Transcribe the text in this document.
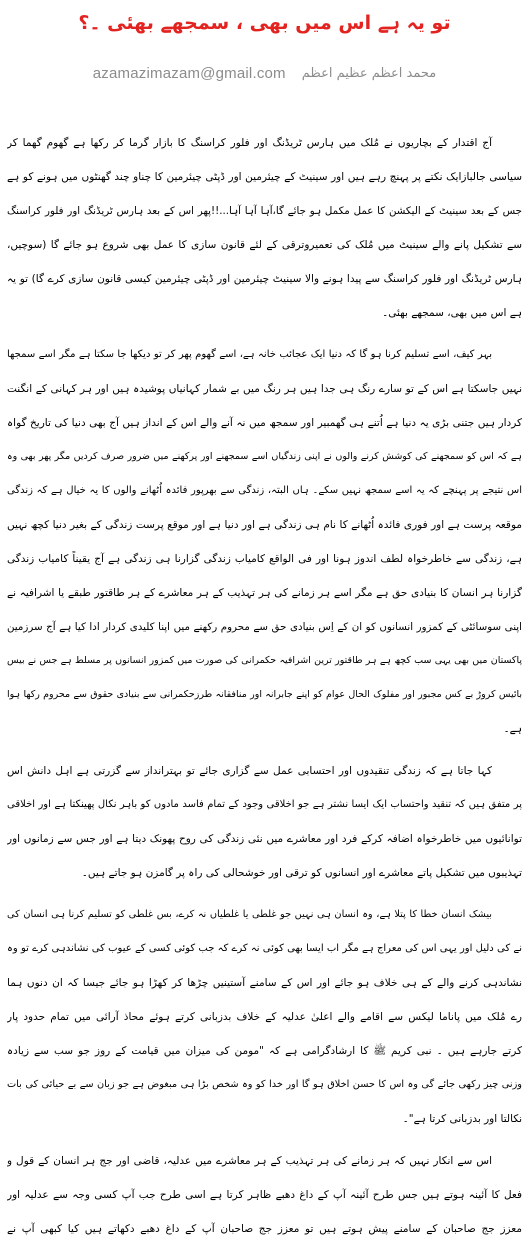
تو یہ ہے اس میں بھی ، سمجھے بھئی ۔؟
azamazimazam@gmail.com محمد اعظم عظیم اعظم
آج اقتدار کے بچاریوں نے مُلک میں ہارس ٹریڈنگ اور فلور کراسنگ کا بازار گرما کر رکھا ہے گھوم گھما کر
سیاسی جالبازایک نکتے پر پہنچ رہے ہیں اور سینیٹ کے چیئرمین اور ڈپٹی چیئرمین کا چناو چند گھنٹوں میں ہونے کو ہے
جس کے بعد سینیٹ کے الیکشن کا عمل مکمل ہو جائے گا،آہا آہا آہا...!!پھر اس کے بعد ہارس ٹریڈنگ اور فلور کراسنگ
سے تشکیل پانے والے سینیٹ میں مُلک کی تعمیروترقی کے لئے قانون سازی کا عمل بھی شروع ہو جائے گا (سوچیں،
ہارس ٹریڈنگ اور فلور کراسنگ سے پیدا ہونے والا سینیٹ چیئرمین اور ڈپٹی چیئرمین کیسی قانون سازی کرے گا) تو یہ
ہے اس میں بھی، سمجھے بھئی۔
بہر کیف، اسے تسلیم کرنا ہو گا کہ دنیا ایک عجائب خانہ ہے، اسے گھوم پھر کر تو دیکھا جا سکتا ہے مگر اسے سمجھا
نہیں جاسکتا ہے اس کے تو سارے رنگ ہی جدا ہیں ہر رنگ میں بے شمار کہانیاں پوشیدہ ہیں اور ہر کہانی کے انگنت
کردار ہیں جتنی بڑی یہ دنیا ہے اُتنے ہی گھمبیر اور سمجھ میں نہ آنے والے اس کے انداز ہیں آج بھی دنیا کی تاریخ گواہ
ہے کہ اس کو سمجھنے کی کوشش کرنے والوں نے اپنی زندگیاں اسے سمجھنے اور پرکھنے میں ضرور صرف کردیں مگر پھر بھی وہ
اس نتیجے پر پہنچے کہ یہ اسے سمجھ نہیں سکے۔ ہاں البتہ، زندگی سے بھرپور فائدہ اُٹھانے والوں کا یہ خیال ہے کہ زندگی
موقعہ پرست ہے اور فوری فائدہ اُٹھانے کا نام ہی زندگی ہے اور دنیا ہے اور موقع پرست زندگی کے بغیر دنیا کچھ نہیں
ہے، زندگی سے خاطرخواہ لطف اندوز ہونا اور فی الواقع کامیاب زندگی گزارنا ہی زندگی ہے آج یقیناً کامیاب زندگی
گزارنا ہر انسان کا بنیادی حق ہے مگر اسے ہر زمانے کی ہر تہذیب کے ہر معاشرے کے ہر طاقتور طبقے یا اشرافیہ نے
اپنی سوسائٹی کے کمزور انسانوں کو ان کے اِس بنیادی حق سے محروم رکھنے میں اپنا کلیدی کردار ادا کیا ہے آج سرزمین
پاکستان میں بھی یہی سب کچھ ہے ہر طاقتور ترین اشرافیہ حکمرانی کی صورت میں کمزور انسانوں پر مسلط ہے جس نے بیس
بائیس کروڑ بے کس مجبور اور مفلوک الحال عوام کو اپنے جابرانہ اور منافقانہ طرزحکمرانی سے بنیادی حقوق سے محروم رکھا ہوا
ہے۔
کہا جاتا ہے کہ زندگی تنقیدوں اور احتسابی عمل سے گزاری جائے تو بہترانداز سے گزرتی ہے اہل دانش اس
پر متفق ہیں کہ تنقید واحتساب ایک ایسا نشتر ہے جو اخلاقی وجود کے تمام فاسد مادوں کو باہر نکال پھینکتا ہے اور اخلاقی
توانائیوں میں خاطرخواہ اضافہ کرکے فرد اور معاشرے میں نئی زندگی کی روح پھونک دیتا ہے اور جس سے زمانوں اور
تہذیبوں میں تشکیل پاتے معاشرے اور انسانوں کو ترقی اور خوشحالی کی راہ پر گامزن ہو جاتے ہیں۔
بیشک انسان خطا کا پتلا ہے، وہ انسان ہی نہیں جو غلطی یا غلطیاں نہ کرے، بس غلطی کو تسلیم کرنا ہی انسان کی
نے کی دلیل اور یہی اس کی معراج ہے مگر اب ایسا بھی کوئی نہ کرے کہ جب کوئی کسی کے عیوب کی نشاندہی کرے تو وہ
نشاندہی کرنے والے کے ہی خلاف ہو جائے اور اس کے سامنے آستینیں چڑھا کر کھڑا ہو جائے جیسا کہ ان دنوں ہما
رے مُلک میں پاناما لیکس سے اقامے والے اعلیٰ عدلیہ کے خلاف بدزبانی کرتے ہوئے محاذ آرائی میں تمام حدود پار
کرتے جارہے ہیں ۔ نبی کریم ﷺ کا ارشادگرامی ہے کہ "مومن کی میزان میں قیامت کے روز جو سب سے زیادہ
وزنی چیز رکھی جائے گی وہ اس کا حسن اخلاق ہو گا اور خدا کو وہ شخص بڑا ہی مبغوض ہے جو زبان سے بے حیائی کی بات
نکالتا اور بدزبانی کرتا ہے"۔
اس سے انکار نہیں کہ ہر زمانے کی ہر تہذیب کے ہر معاشرے میں عدلیہ، قاضی اور جج ہر انسان کے قول و
فعل کا آئینہ ہوتے ہیں جس طرح آئینہ آپ کے داغ دھبے ظاہر کرتا ہے اسی طرح جب آپ کسی وجہ سے عدلیہ اور
معزز جج صاحبان کے سامنے پیش ہوتے ہیں تو معزز جج صاحبان آپ کے داغ دھبے دکھاتے ہیں کیا کبھی آپ نے
